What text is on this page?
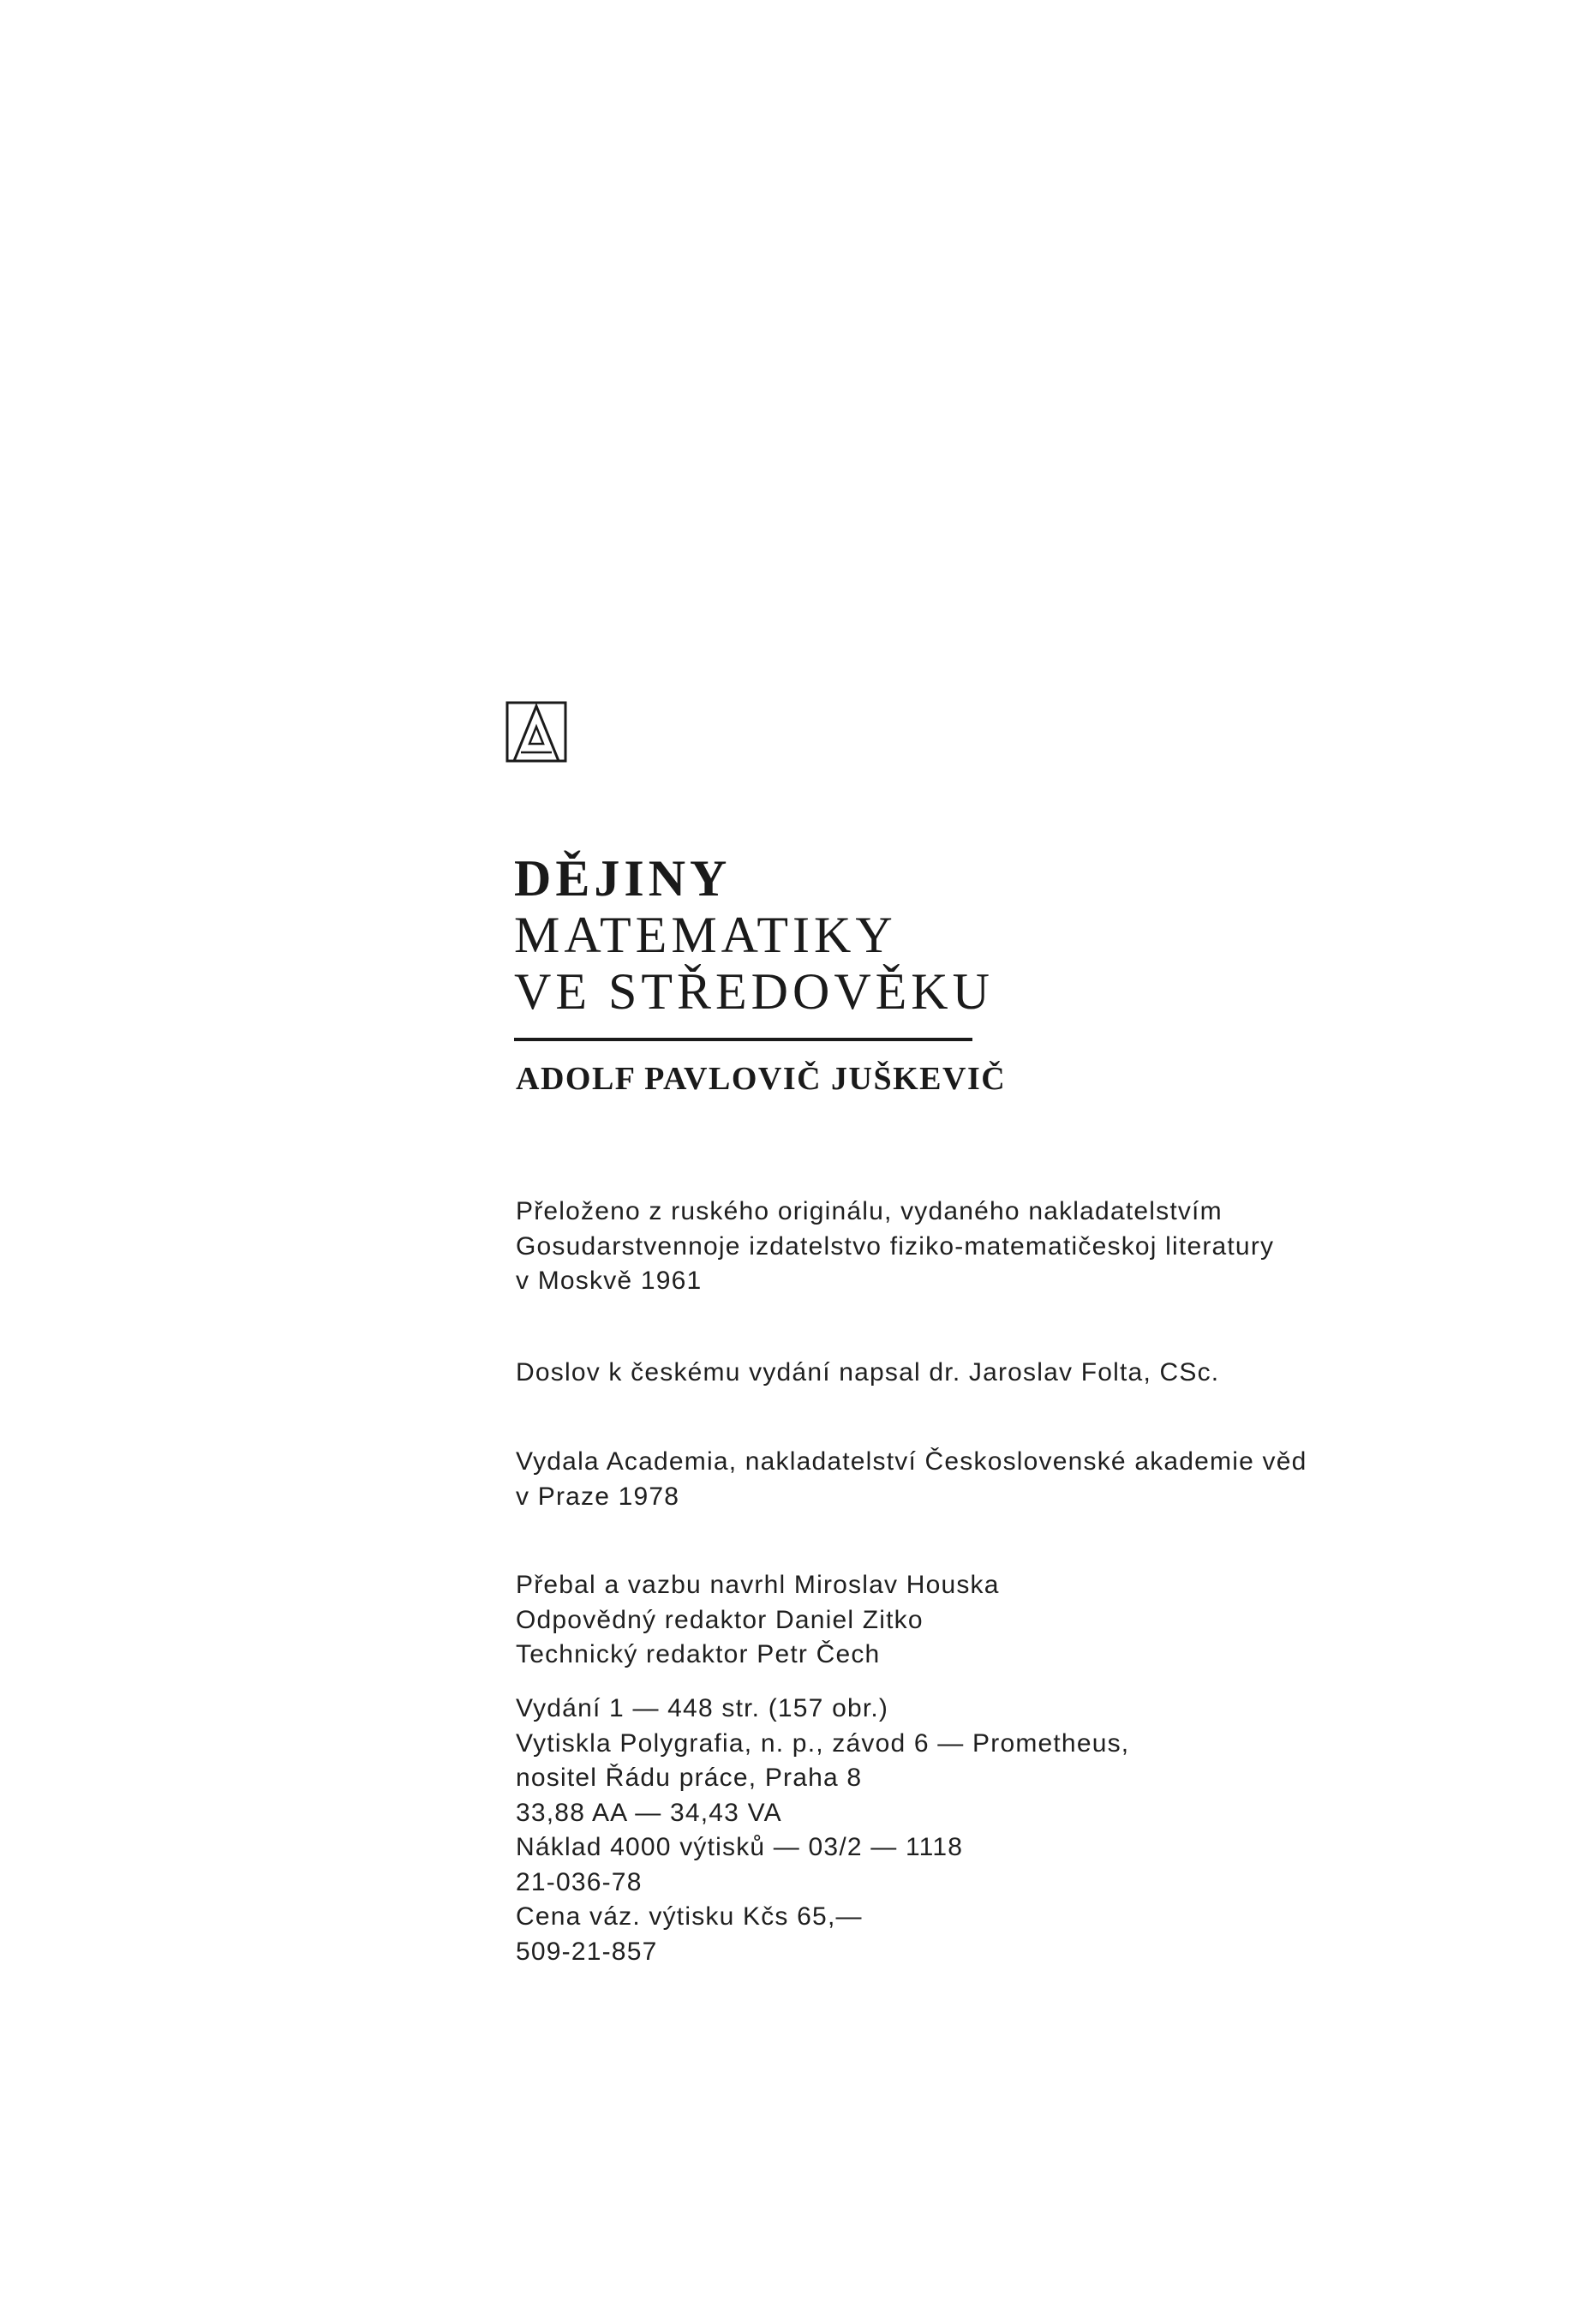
DĚJINY
MATEMATIKY
VE STŘEDOVĚKU
ADOLF PAVLOVIČ JUŠKEVIČ
Přeloženo z ruského originálu, vydaného nakladatelstvím
Gosudarstvennoje izdatelstvo fiziko-matematičeskoj literatury
v Moskvě 1961
Doslov k českému vydání napsal dr. Jaroslav Folta, CSc.
Vydala Academia, nakladatelství Československé akademie věd
v Praze 1978
Přebal a vazbu navrhl Miroslav Houska
Odpovědný redaktor Daniel Zitko
Technický redaktor Petr Čech
Vydání 1 — 448 str. (157 obr.)
Vytiskla Polygrafia, n. p., závod 6 — Prometheus,
nositel Řádu práce, Praha 8
33,88 AA — 34,43 VA
Náklad 4000 výtisků — 03/2 — 1118
21-036-78
Cena váz. výtisku Kčs 65,—
509-21-857
